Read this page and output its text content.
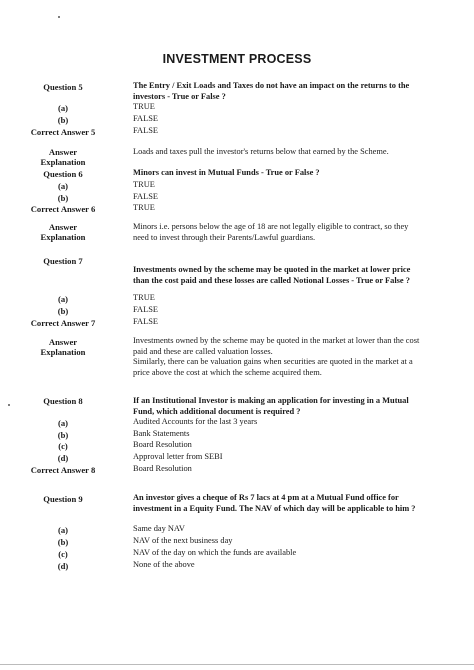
INVESTMENT PROCESS
Question 5	The Entry / Exit Loads and Taxes do not have an impact on the returns to the investors - True or False ?
(a)	TRUE
(b)	FALSE
Correct Answer 5	FALSE
Answer
Explanation
Loads and taxes pull the investor's returns below that earned by the Scheme.
Question 6	Minors can invest in Mutual Funds - True or False ?
(a)	TRUE
(b)	FALSE
Correct Answer 6	TRUE
Answer
Explanation
Minors i.e. persons below the age of 18 are not legally eligible to contract, so they need to invest through their Parents/Lawful guardians.
Question 7
Investments owned by the scheme may be quoted in the market at lower price than the cost paid and these losses are called Notional Losses - True or False ?
(a)	TRUE
(b)	FALSE
Correct Answer 7	FALSE
Answer
Explanation
Investments owned by the scheme may be quoted in the market at lower than the cost paid and these are called valuation losses.
Similarly, there can be valuation gains when securities are quoted in the market at a price above the cost at which the scheme acquired them.
Question 8	If an Institutional Investor is making an application for investing in a Mutual Fund, which additional document is required ?
(a)	Audited Accounts for the last 3 years
(b)	Bank Statements
(c)	Board Resolution
(d)	Approval letter from SEBI
Correct Answer 8	Board Resolution
Question 9	An investor gives a cheque of Rs 7 lacs at 4 pm at a Mutual Fund office for investment in a Equity Fund. The NAV of which day will be applicable to him ?
(a)	Same day NAV
(b)	NAV of the next business day
(c)	NAV of the day on which the funds are available
(d)	None of the above
